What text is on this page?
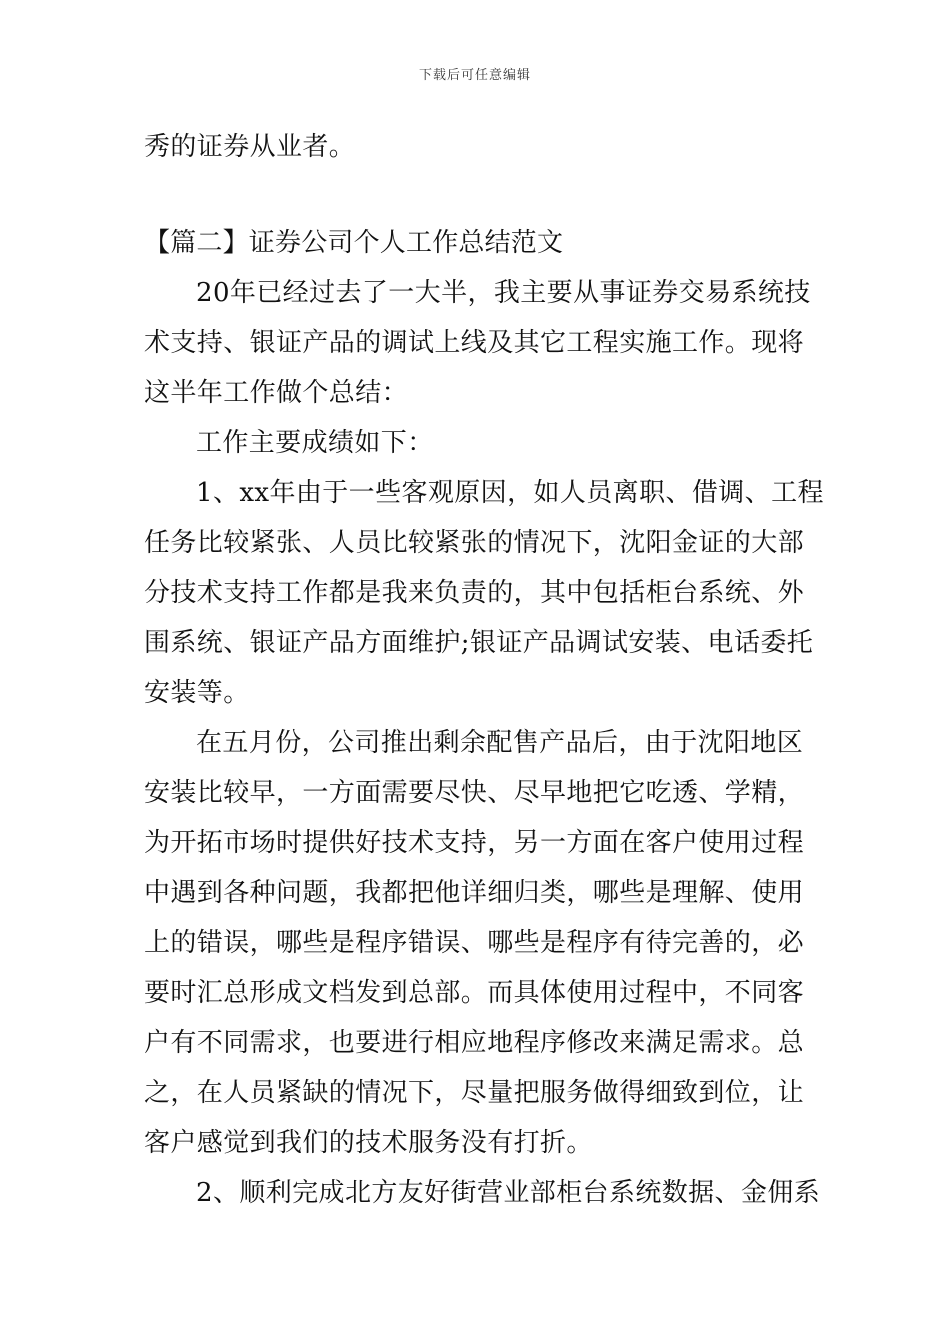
下载后可任意编辑
秀的证券从业者。
【篇二】证券公司个人工作总结范文
20年已经过去了一大半，我主要从事证券交易系统技
术支持、银证产品的调试上线及其它工程实施工作。现将
这半年工作做个总结：
工作主要成绩如下：
1、xx年由于一些客观原因，如人员离职、借调、工程
任务比较紧张、人员比较紧张的情况下，沈阳金证的大部
分技术支持工作都是我来负责的，其中包括柜台系统、外
围系统、银证产品方面维护;银证产品调试安装、电话委托
安装等。
在五月份，公司推出剩余配售产品后，由于沈阳地区
安装比较早，一方面需要尽快、尽早地把它吃透、学精，
为开拓市场时提供好技术支持，另一方面在客户使用过程
中遇到各种问题，我都把他详细归类，哪些是理解、使用
上的错误，哪些是程序错误、哪些是程序有待完善的，必
要时汇总形成文档发到总部。而具体使用过程中，不同客
户有不同需求，也要进行相应地程序修改来满足需求。总
之，在人员紧缺的情况下，尽量把服务做得细致到位，让
客户感觉到我们的技术服务没有打折。
2、顺利完成北方友好街营业部柜台系统数据、金佣系
